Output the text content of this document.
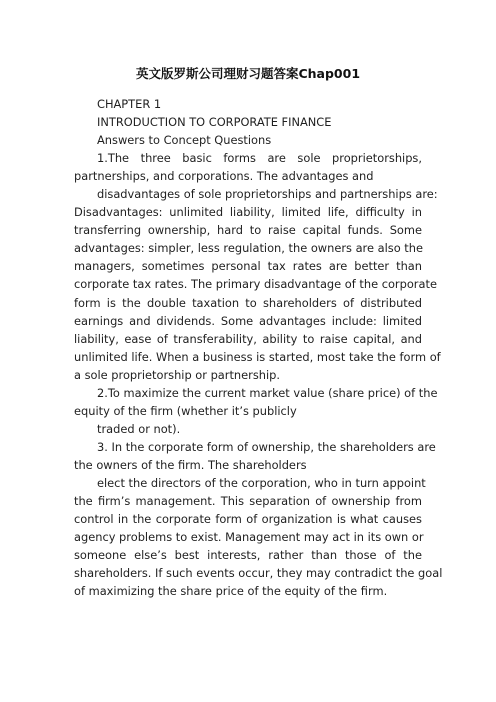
英文版罗斯公司理财习题答案Chap001

CHAPTER 1

INTRODUCTION TO CORPORATE FINANCE

Answers to Concept Questions

1.The three basic forms are sole proprietorships,
partnerships, and corporations. The advantages and
disadvantages of sole proprietorships and partnerships are:
Disadvantages: unlimited liability, limited life, difficulty in
transferring ownership, hard to raise capital funds. Some
advantages: simpler, less regulation, the owners are also the
managers, sometimes personal tax rates are better than
corporate tax rates. The primary disadvantage of the corporate
form is the double taxation to shareholders of distributed
earnings and dividends. Some advantages include: limited
liability, ease of transferability, ability to raise capital, and
unlimited life. When a business is started, most take the form of
a sole proprietorship or partnership.
2.To maximize the current market value (share price) of the
equity of the firm (whether it’s publicly
traded or not).
3. In the corporate form of ownership, the shareholders are
the owners of the firm. The shareholders
elect the directors of the corporation, who in turn appoint
the firm’s management. This separation of ownership from
control in the corporate form of organization is what causes
agency problems to exist. Management may act in its own or
someone else’s best interests, rather than those of the
shareholders. If such events occur, they may contradict the goal
of maximizing the share price of the equity of the firm.
